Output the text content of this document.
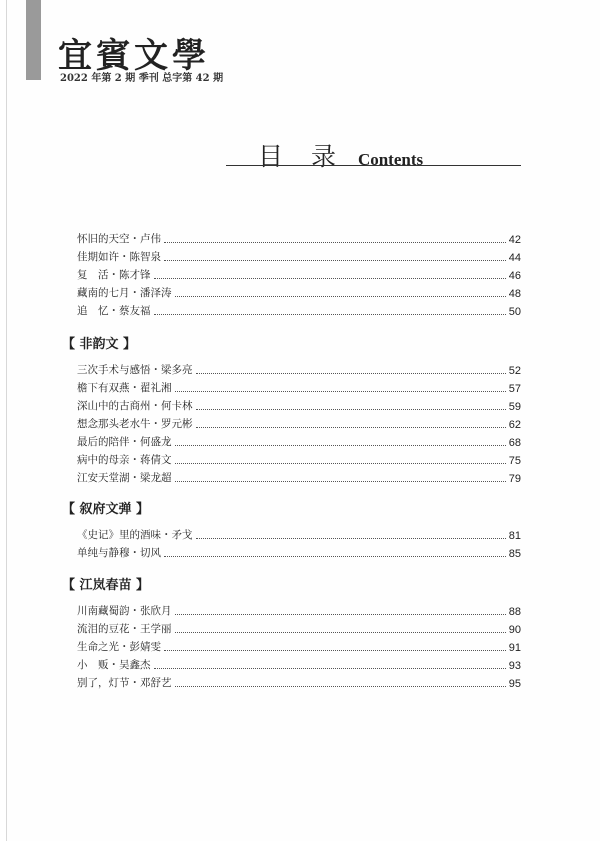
宜賓文學
2022 年第 2 期 季刊 总字第 42 期
目 录 Contents
怀旧的天空・卢伟	42
佳期如许・陈智泉	44
复　活・陈才锋	46
藏南的七月・潘泽涛	48
追　忆・蔡友福	50
【 非韵文 】
三次手术与感悟・梁多亮	52
檐下有双燕・翟礼湘	57
深山中的古商州・何卡林	59
想念那头老水牛・罗元彬	62
最后的陪伴・何盛龙	68
病中的母亲・蒋倩文	75
江安天堂湖・梁龙超	79
【 叙府文弹 】
《史记》里的酒味・矛戈	81
单纯与静穆・切风	85
【 江岚春苗 】
川南藏蜀韵・张欣月	88
流泪的豆花・王学丽	90
生命之光・彭婧雯	91
小　贩・吴鑫杰	93
别了，灯节・邓舒艺	95
